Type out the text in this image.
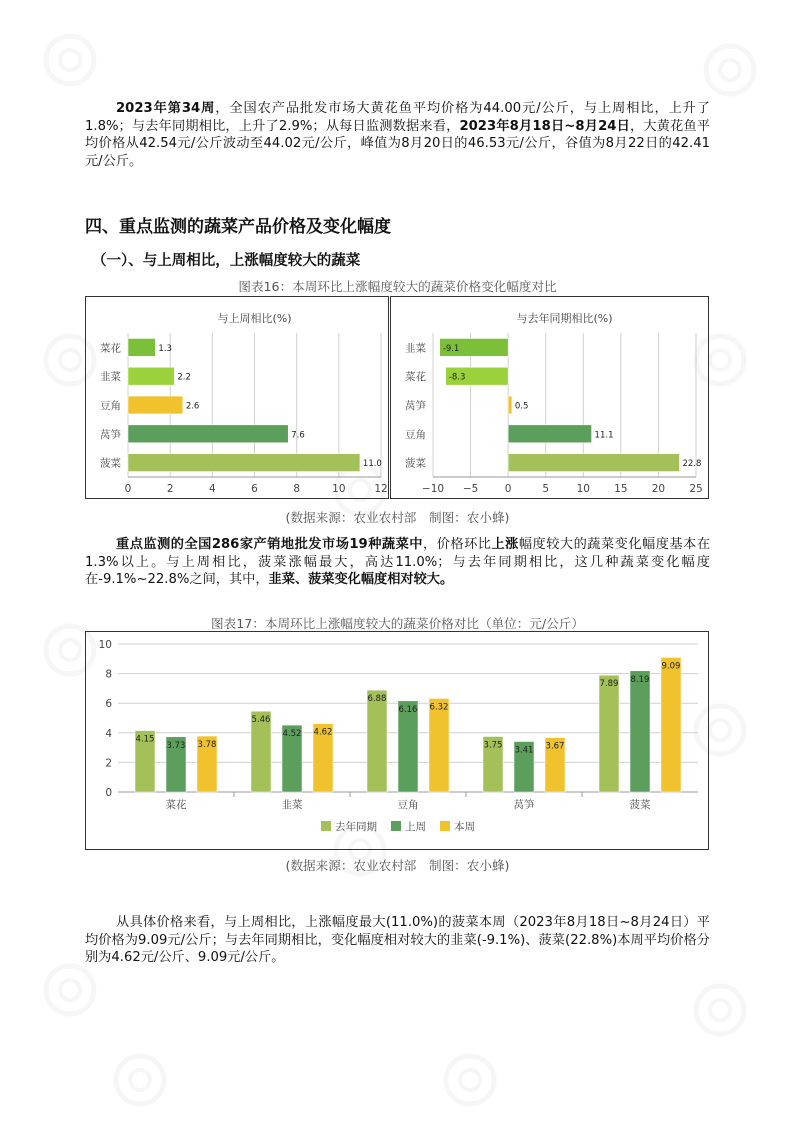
2023年第34周，全国农产品批发市场大黄花鱼平均价格为44.00元/公斤，与上周相比，上升了1.8%；与去年同期相比，上升了2.9%；从每日监测数据来看，2023年8月18日~8月24日，大黄花鱼平均价格从42.54元/公斤波动至44.02元/公斤，峰值为8月20日的46.53元/公斤，谷值为8月22日的42.41元/公斤。

四、重点监测的蔬菜产品价格及变化幅度
（一）、与上周相比，上涨幅度较大的蔬菜
图表16：本周环比上涨幅度较大的蔬菜价格变化幅度对比
与上周相比(%)
0	2	4	6	8	10	12
菜花	1.3
韭菜	2.2
豆角	2.6
莴笋	7.6
菠菜	11.0
与去年同期相比(%)
−10 −5	0	5	10 15 20 25
韭菜 -9.1
菜花	-8.3
莴笋	0.5
豆角	11.1
菠菜	22.8
(数据来源：农业农村部　制图：农小蜂)

重点监测的全国286家产销地批发市场19种蔬菜中，价格环比上涨幅度较大的蔬菜变化幅度基本在1.3%以上。与上周相比，菠菜涨幅最大，高达11.0%；与去年同期相比，这几种蔬菜变化幅度在-9.1%~22.8%之间，其中，韭菜、菠菜变化幅度相对较大。

图表17：本周环比上涨幅度较大的蔬菜价格对比（单位：元/公斤）
0
2
4
6
8
10
4.15
3.73 3.78
菜花
5.46
4.52 4.62
韭菜
6.88
6.16 6.32
豆角
3.75
3.41 3.67
莴笋
7.89 8.19
9.09
菠菜
去年同期	上周	本周
(数据来源：农业农村部　制图：农小蜂)

从具体价格来看，与上周相比，上涨幅度最大(11.0%)的菠菜本周（2023年8月18日~8月24日）平均价格为9.09元/公斤；与去年同期相比，变化幅度相对较大的韭菜(-9.1%)、菠菜(22.8%)本周平均价格分别为4.62元/公斤、9.09元/公斤。
